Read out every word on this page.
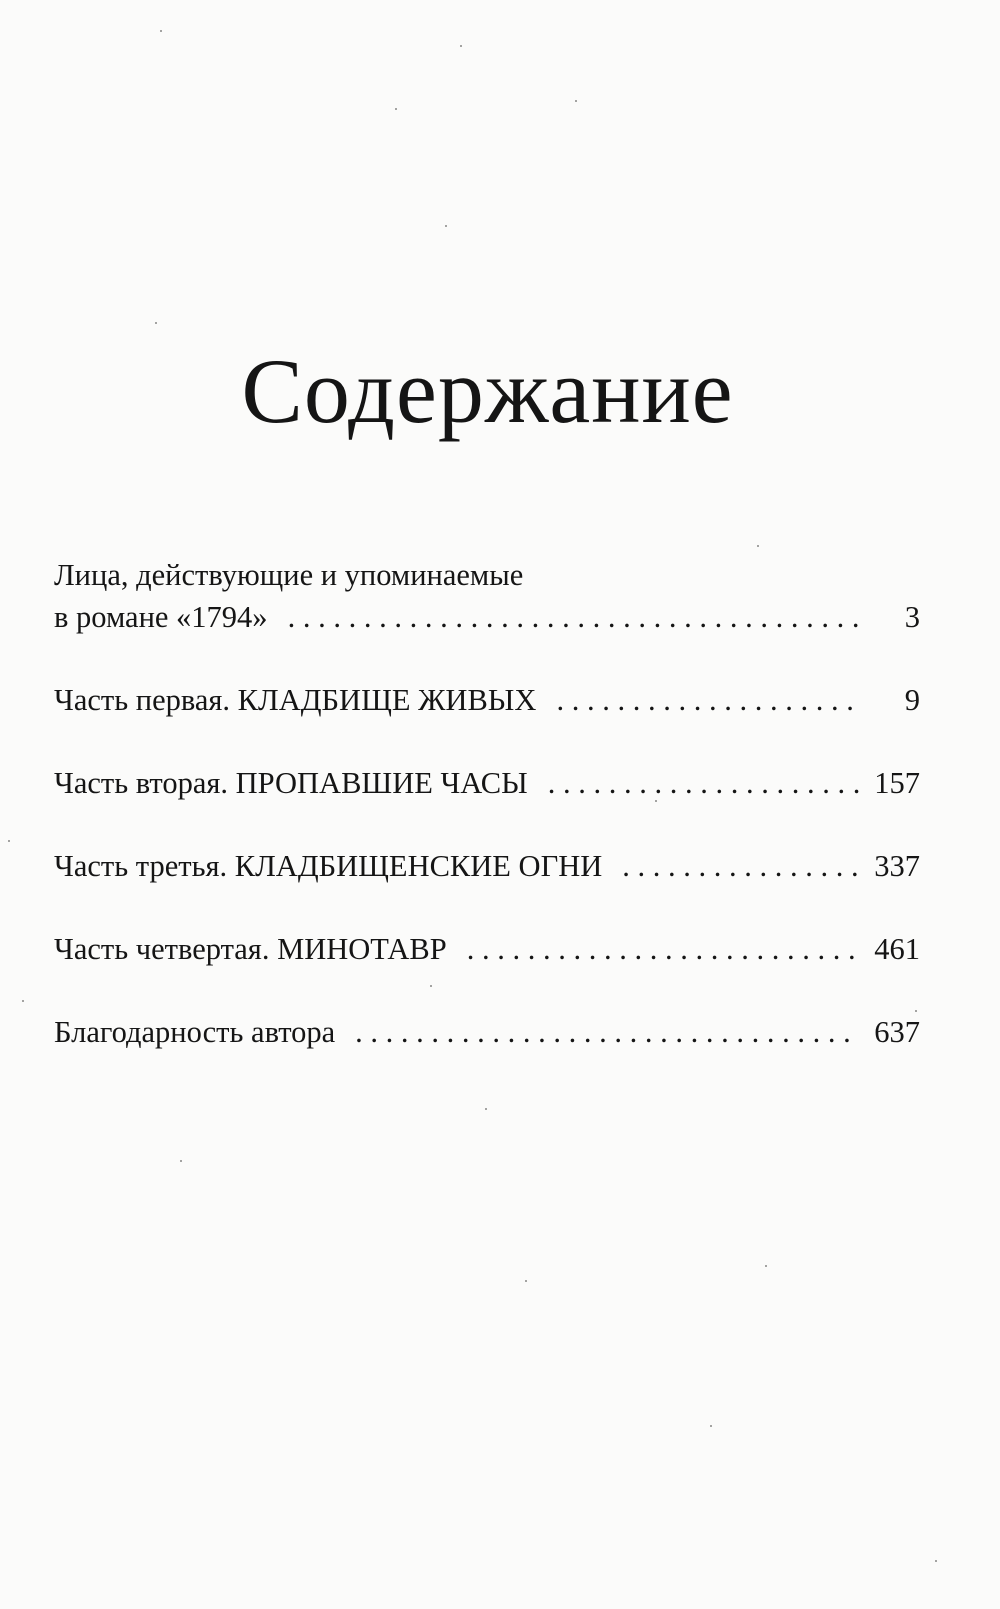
Содержание
Лица, действующие и упоминаемые
в романе «1794» . . .	3
Часть первая. КЛАДБИЩЕ ЖИВЫХ . . .	9
Часть вторая. ПРОПАВШИЕ ЧАСЫ . . .	157
Часть третья. КЛАДБИЩЕНСКИЕ ОГНИ . . .	337
Часть четвертая. МИНОТАВР . . .	461
Благодарность автора . . .	637
